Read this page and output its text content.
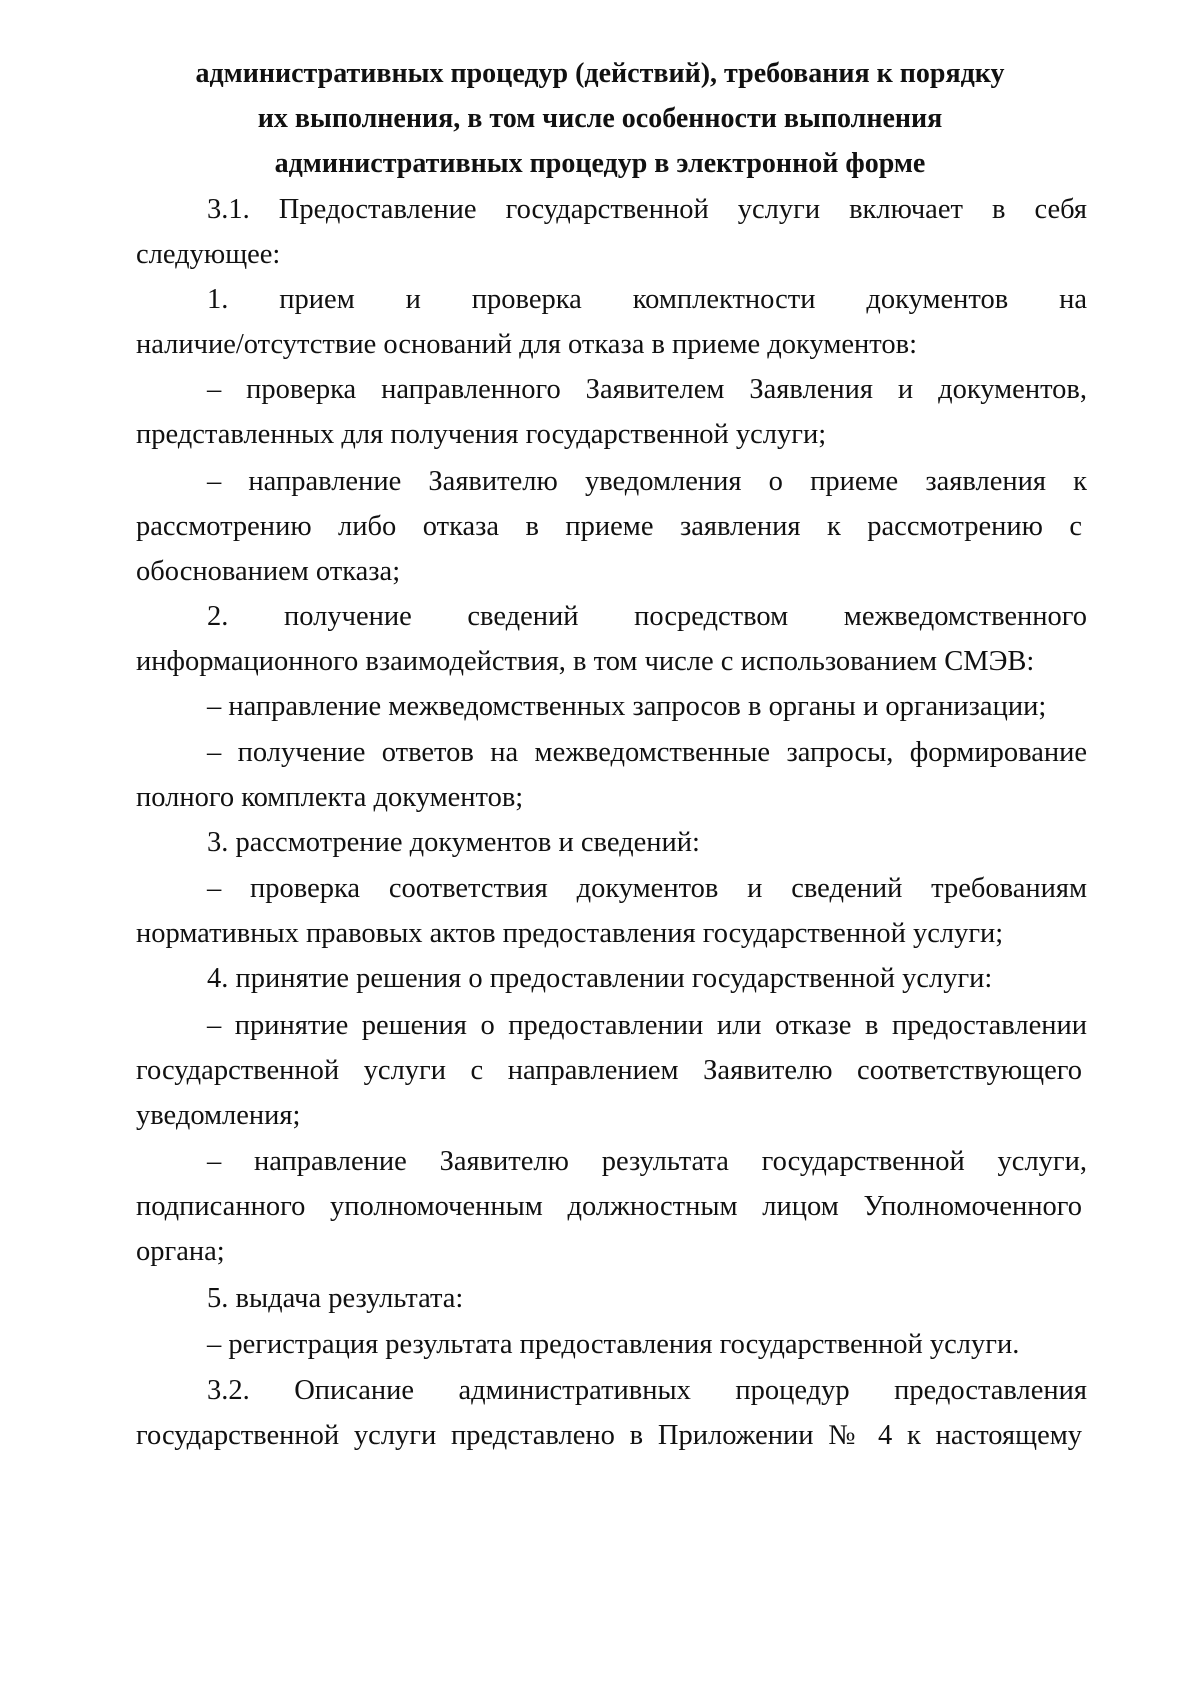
административных процедур (действий), требования к порядку
их выполнения, в том числе особенности выполнения
административных процедур в электронной форме
3.1. Предоставление государственной услуги включает в себя
следующее:
1. прием и проверка комплектности документов на
наличие/отсутствие оснований для отказа в приеме документов:
– проверка направленного Заявителем Заявления и документов,
представленных для получения государственной услуги;
– направление Заявителю уведомления о приеме заявления к
рассмотрению либо отказа в приеме заявления к рассмотрению с
обоснованием отказа;
2. получение сведений посредством межведомственного
информационного взаимодействия, в том числе с использованием СМЭВ:
– направление межведомственных запросов в органы и организации;
– получение ответов на межведомственные запросы, формирование
полного комплекта документов;
3. рассмотрение документов и сведений:
– проверка соответствия документов и сведений требованиям
нормативных правовых актов предоставления государственной услуги;
4. принятие решения о предоставлении государственной услуги:
– принятие решения о предоставлении или отказе в предоставлении
государственной услуги с направлением Заявителю соответствующего
уведомления;
– направление Заявителю результата государственной услуги,
подписанного уполномоченным должностным лицом Уполномоченного
органа;
5. выдача результата:
– регистрация результата предоставления государственной услуги.
3.2. Описание административных процедур предоставления
государственной услуги представлено в Приложении № 4 к настоящему
